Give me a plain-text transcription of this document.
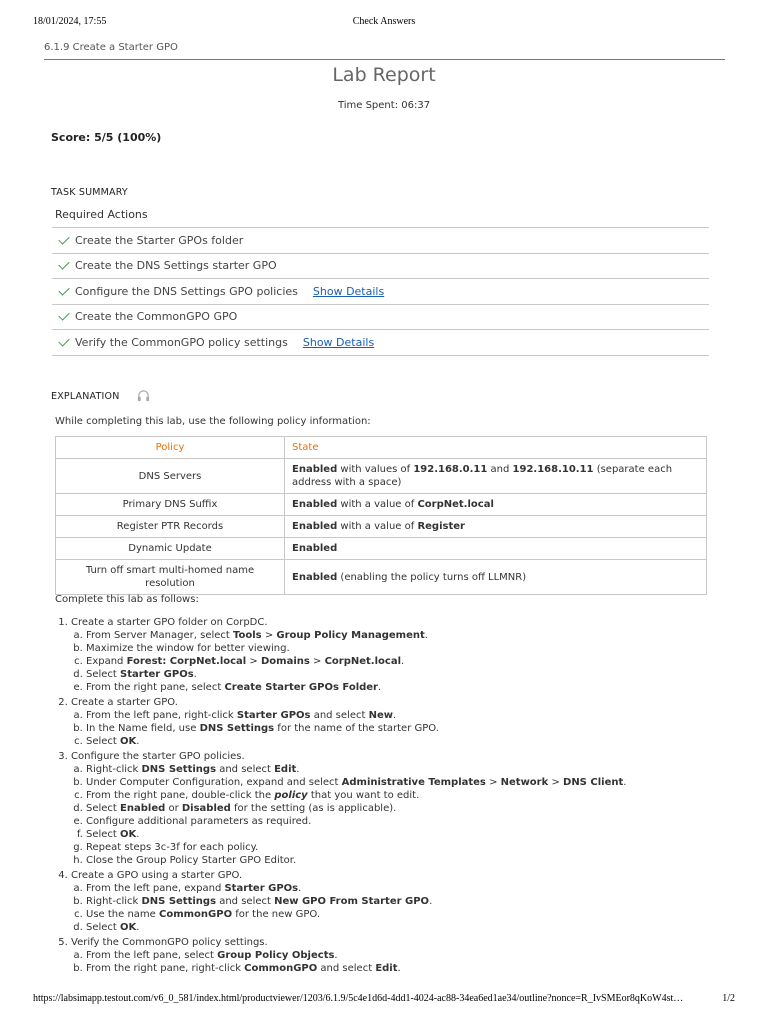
18/01/2024, 17:55	Check Answers
6.1.9 Create a Starter GPO
Lab Report
Time Spent: 06:37
Score: 5/5 (100%)
TASK SUMMARY
Required Actions
Create the Starter GPOs folder
Create the DNS Settings starter GPO
Configure the DNS Settings GPO policies Show Details
Create the CommonGPO GPO
Verify the CommonGPO policy settings Show Details
EXPLANATION
While completing this lab, use the following policy information:
Policy	State
DNS Servers	Enabled with values of 192.168.0.11 and 192.168.10.11 (separate each address with a space)
Primary DNS Suffix	Enabled with a value of CorpNet.local
Register PTR Records	Enabled with a value of Register
Dynamic Update	Enabled
Turn off smart multi-homed name resolution	Enabled (enabling the policy turns off LLMNR)
Complete this lab as follows:
1. Create a starter GPO folder on CorpDC.
a. From Server Manager, select Tools > Group Policy Management.
b. Maximize the window for better viewing.
c. Expand Forest: CorpNet.local > Domains > CorpNet.local.
d. Select Starter GPOs.
e. From the right pane, select Create Starter GPOs Folder.
2. Create a starter GPO.
a. From the left pane, right-click Starter GPOs and select New.
b. In the Name field, use DNS Settings for the name of the starter GPO.
c. Select OK.
3. Configure the starter GPO policies.
a. Right-click DNS Settings and select Edit.
b. Under Computer Configuration, expand and select Administrative Templates > Network > DNS Client.
c. From the right pane, double-click the policy that you want to edit.
d. Select Enabled or Disabled for the setting (as is applicable).
e. Configure additional parameters as required.
f. Select OK.
g. Repeat steps 3c-3f for each policy.
h. Close the Group Policy Starter GPO Editor.
4. Create a GPO using a starter GPO.
a. From the left pane, expand Starter GPOs.
b. Right-click DNS Settings and select New GPO From Starter GPO.
c. Use the name CommonGPO for the new GPO.
d. Select OK.
5. Verify the CommonGPO policy settings.
a. From the left pane, select Group Policy Objects.
b. From the right pane, right-click CommonGPO and select Edit.
https://labsimapp.testout.com/v6_0_581/index.html/productviewer/1203/6.1.9/5c4e1d6d-4dd1-4024-ac88-34ea6ed1ae34/outline?nonce=R_IvSMEor8qKoW4st…	1/2
